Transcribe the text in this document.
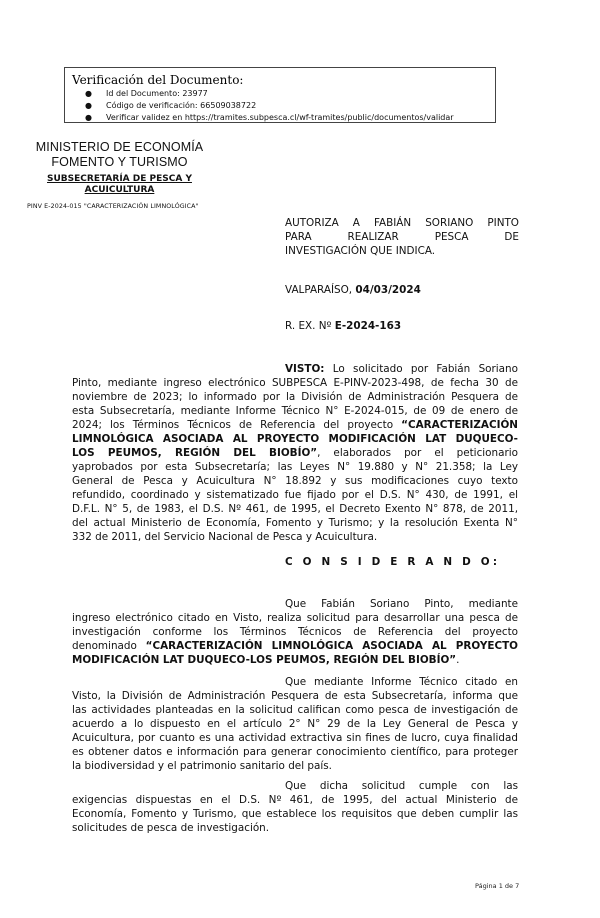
Verificación del Documento:
● Id del Documento: 23977
● Código de verificación: 66509038722
● Verificar validez en https://tramites.subpesca.cl/wf-tramites/public/documentos/validar
MINISTERIO DE ECONOMÍA
FOMENTO Y TURISMO
SUBSECRETARÍA DE PESCA Y
ACUICULTURA
PINV E-2024-015 "CARACTERIZACIÓN LIMNOLÓGICA"
AUTORIZA A FABIÁN SORIANO PINTO
PARA REALIZAR PESCA DE
INVESTIGACIÓN QUE INDICA.
VALPARAÍSO, 04/03/2024
R. EX. Nº E-2024-163
VISTO: Lo solicitado por Fabián Soriano
Pinto, mediante ingreso electrónico SUBPESCA E-PINV-2023-498, de fecha 30 de
noviembre de 2023; lo informado por la División de Administración Pesquera de
esta Subsecretaría, mediante Informe Técnico N° E-2024-015, de 09 de enero de
2024; los Términos Técnicos de Referencia del proyecto “CARACTERIZACIÓN
LIMNOLÓGICA ASOCIADA AL PROYECTO MODIFICACIÓN LAT DUQUECO-
LOS PEUMOS, REGIÓN DEL BIOBÍO”, elaborados por el peticionario
yaprobados por esta Subsecretaría; las Leyes N° 19.880 y N° 21.358; la Ley
General de Pesca y Acuicultura N° 18.892 y sus modificaciones cuyo texto
refundido, coordinado y sistematizado fue fijado por el D.S. N° 430, de 1991, el
D.F.L. N° 5, de 1983, el D.S. Nº 461, de 1995, el Decreto Exento N° 878, de 2011,
del actual Ministerio de Economía, Fomento y Turismo; y la resolución Exenta N°
332 de 2011, del Servicio Nacional de Pesca y Acuicultura.
C O N S I D E R A N D O:
Que Fabián Soriano Pinto, mediante
ingreso electrónico citado en Visto, realiza solicitud para desarrollar una pesca de
investigación conforme los Términos Técnicos de Referencia del proyecto
denominado “CARACTERIZACIÓN LIMNOLÓGICA ASOCIADA AL PROYECTO
MODIFICACIÓN LAT DUQUECO-LOS PEUMOS, REGIÓN DEL BIOBÍO”.
Que mediante Informe Técnico citado en
Visto, la División de Administración Pesquera de esta Subsecretaría, informa que
las actividades planteadas en la solicitud califican como pesca de investigación de
acuerdo a lo dispuesto en el artículo 2° N° 29 de la Ley General de Pesca y
Acuicultura, por cuanto es una actividad extractiva sin fines de lucro, cuya finalidad
es obtener datos e información para generar conocimiento científico, para proteger
la biodiversidad y el patrimonio sanitario del país.
Que dicha solicitud cumple con las
exigencias dispuestas en el D.S. Nº 461, de 1995, del actual Ministerio de
Economía, Fomento y Turismo, que establece los requisitos que deben cumplir las
solicitudes de pesca de investigación.
Página 1 de 7
